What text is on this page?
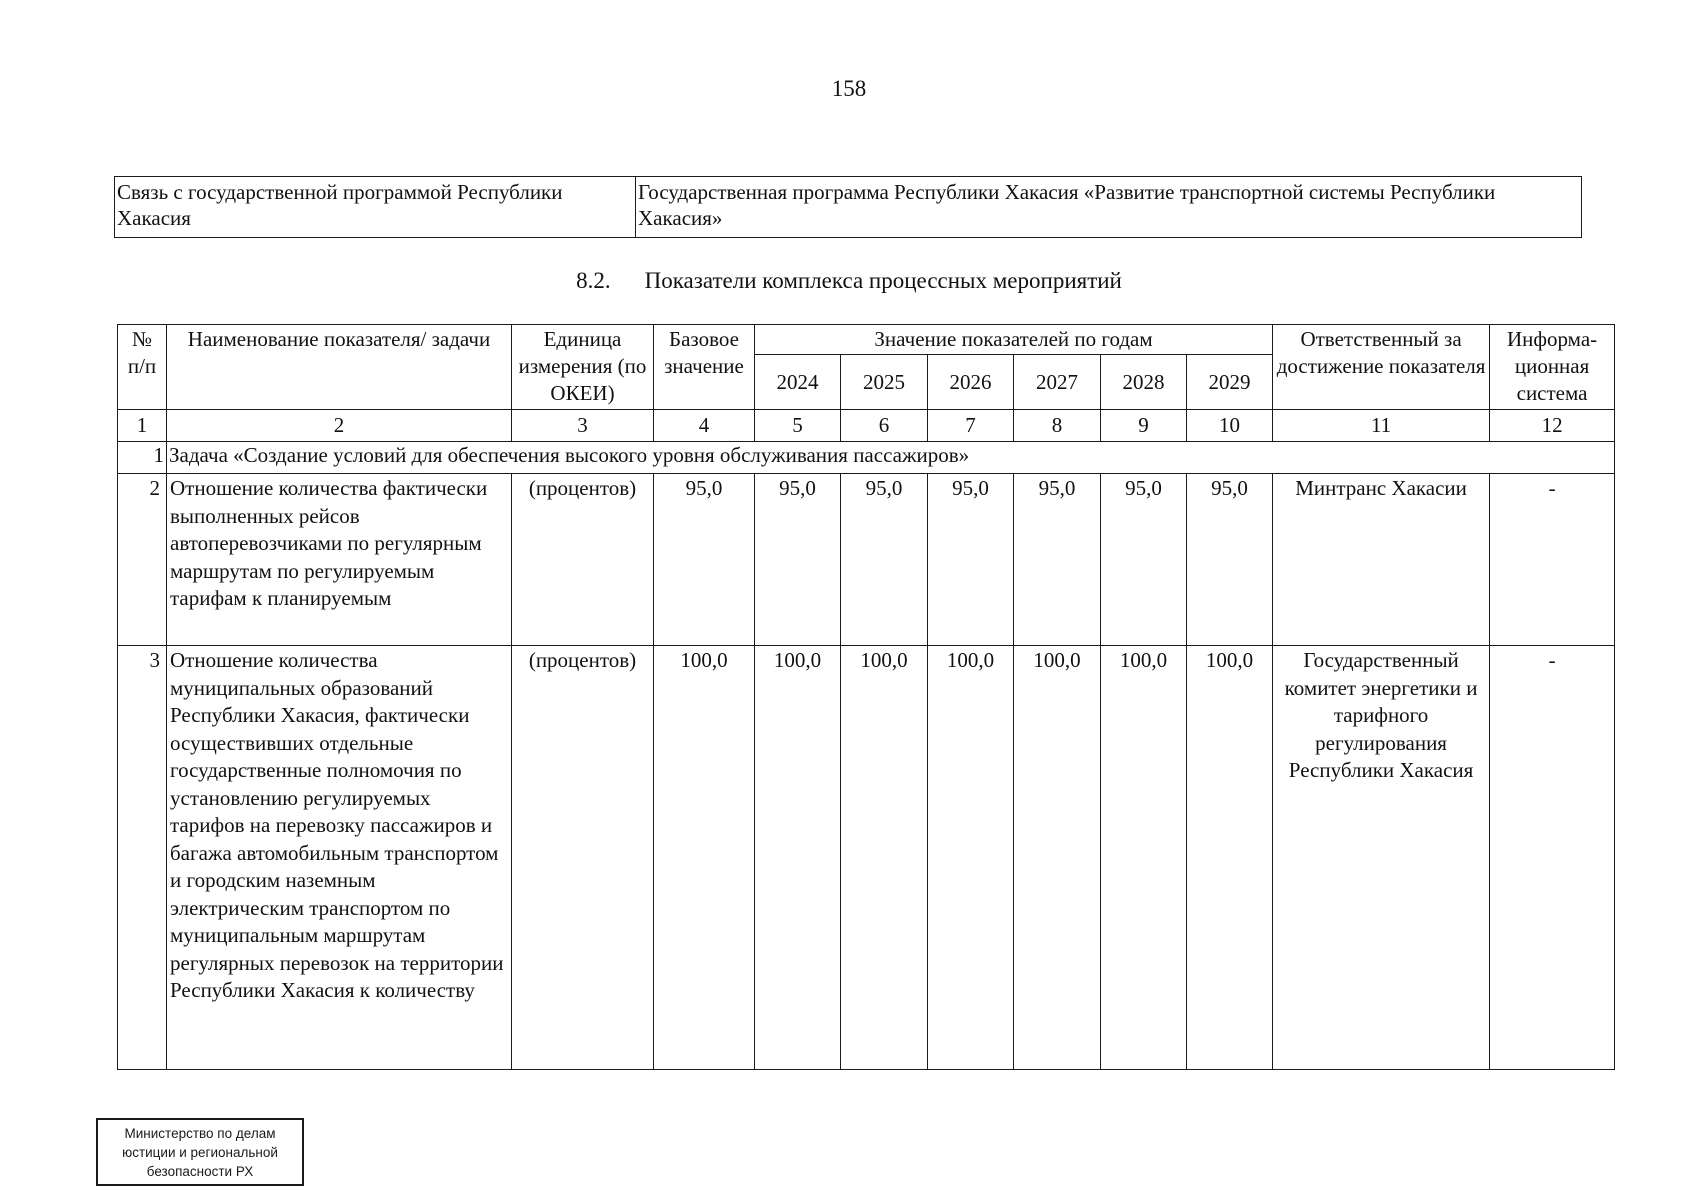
158
Связь с государственной программой Республики Хакасия	Государственная программа Республики Хакасия «Развитие транспортной системы Республики Хакасия»
8.2. Показатели комплекса процессных мероприятий
№ п/п	Наименование показателя/ задачи	Единица измерения (по ОКЕИ)	Базовое значение	Значение показателей по годам						Ответственный за достижение показателя	Информа-ционная система
				2024	2025	2026	2027	2028	2029		
1	2	3	4	5	6	7	8	9	10	11	12
1	Задача «Создание условий для обеспечения высокого уровня обслуживания пассажиров»										
2	Отношение количества фактически выполненных рейсов автоперевозчиками по регулярным маршрутам по регулируемым тарифам к планируемым	(процентов)	95,0	95,0	95,0	95,0	95,0	95,0	95,0	Минтранс Хакасии	-
3	Отношение количества муниципальных образований Республики Хакасия, фактически осуществивших отдельные государственные полномочия по установлению регулируемых тарифов на перевозку пассажиров и багажа автомобильным транспортом и городским наземным электрическим транспортом по муниципальным маршрутам регулярных перевозок на территории Республики Хакасия к количеству	(процентов)	100,0	100,0	100,0	100,0	100,0	100,0	100,0	Государственный комитет энергетики и тарифного регулирования Республики Хакасия	-
Министерство по делам
юстиции и региональной
безопасности РХ
